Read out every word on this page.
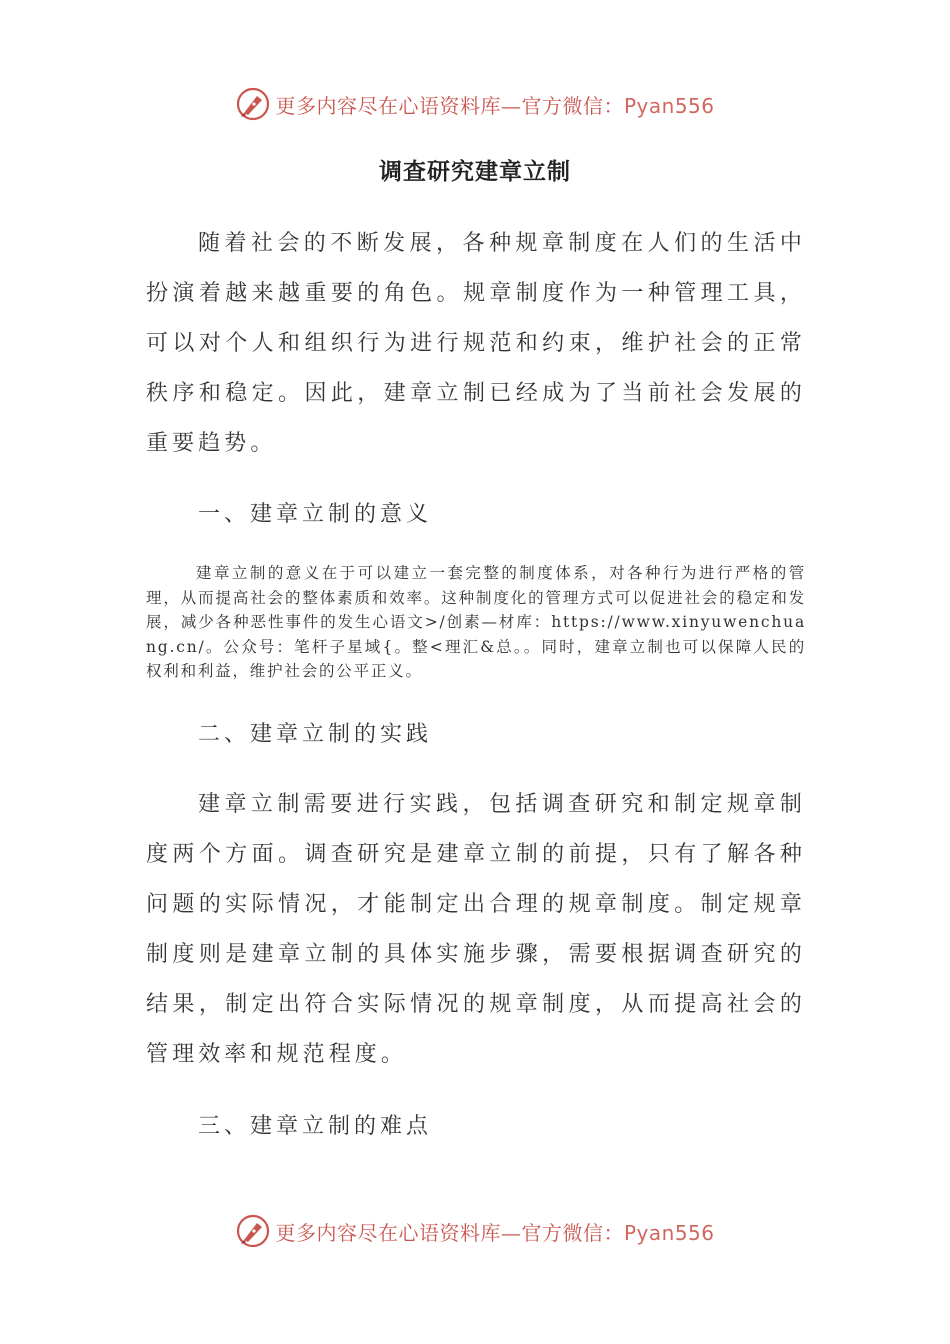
更多内容尽在心语资料库—官方微信：Pyan556
调查研究建章立制

随着社会的不断发展，各种规章制度在人们的生活中扮演着越来越重要的角色。规章制度作为一种管理工具，可以对个人和组织行为进行规范和约束，维护社会的正常秩序和稳定。因此，建章立制已经成为了当前社会发展的重要趋势。

一、建章立制的意义

建章立制的意义在于可以建立一套完整的制度体系，对各种行为进行严格的管理，从而提高社会的整体素质和效率。这种制度化的管理方式可以促进社会的稳定和发展，减少各种恶性事件的发生心语文>/创素—材库：https://www.xinyuwenchuang.cn/。公众号：笔杆子星域{。整<理汇&总。。同时，建章立制也可以保障人民的权利和利益，维护社会的公平正义。

二、建章立制的实践

建章立制需要进行实践，包括调查研究和制定规章制度两个方面。调查研究是建章立制的前提，只有了解各种问题的实际情况，才能制定出合理的规章制度。制定规章制度则是建章立制的具体实施步骤，需要根据调查研究的结果，制定出符合实际情况的规章制度，从而提高社会的管理效率和规范程度。

三、建章立制的难点
更多内容尽在心语资料库—官方微信：Pyan556
